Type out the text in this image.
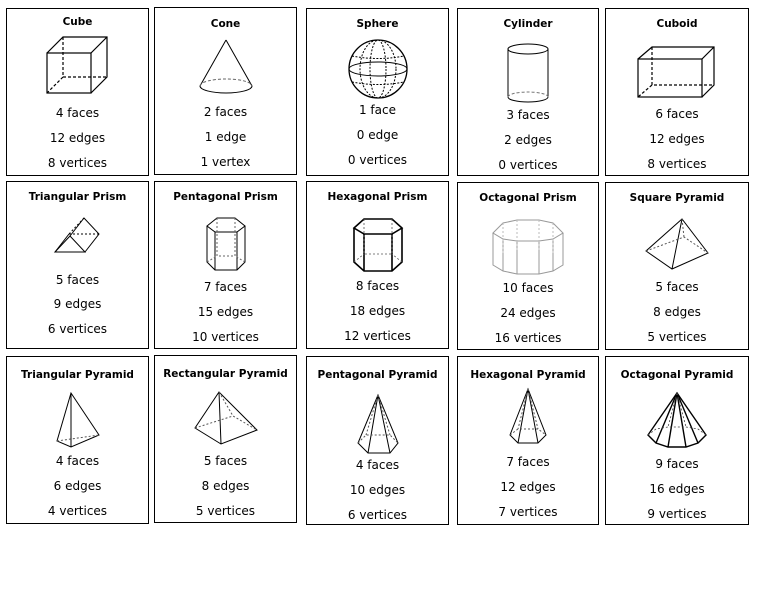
Cube
4 faces
12 edges
8 vertices
Cone
2 faces
1 edge
1 vertex
Sphere
1 face
0 edge
0 vertices
Cylinder
3 faces
2 edges
0 vertices
Cuboid
6 faces
12 edges
8 vertices
Triangular Prism
5 faces
9 edges
6 vertices
Pentagonal Prism
7 faces
15 edges
10 vertices
Hexagonal Prism
8 faces
18 edges
12 vertices
Octagonal Prism
10 faces
24 edges
16 vertices
Square Pyramid
5 faces
8 edges
5 vertices
Triangular Pyramid
4 faces
6 edges
4 vertices
Rectangular Pyramid
5 faces
8 edges
5 vertices
Pentagonal Pyramid
4 faces
10 edges
6 vertices
Hexagonal Pyramid
7 faces
12 edges
7 vertices
Octagonal Pyramid
9 faces
16 edges
9 vertices
